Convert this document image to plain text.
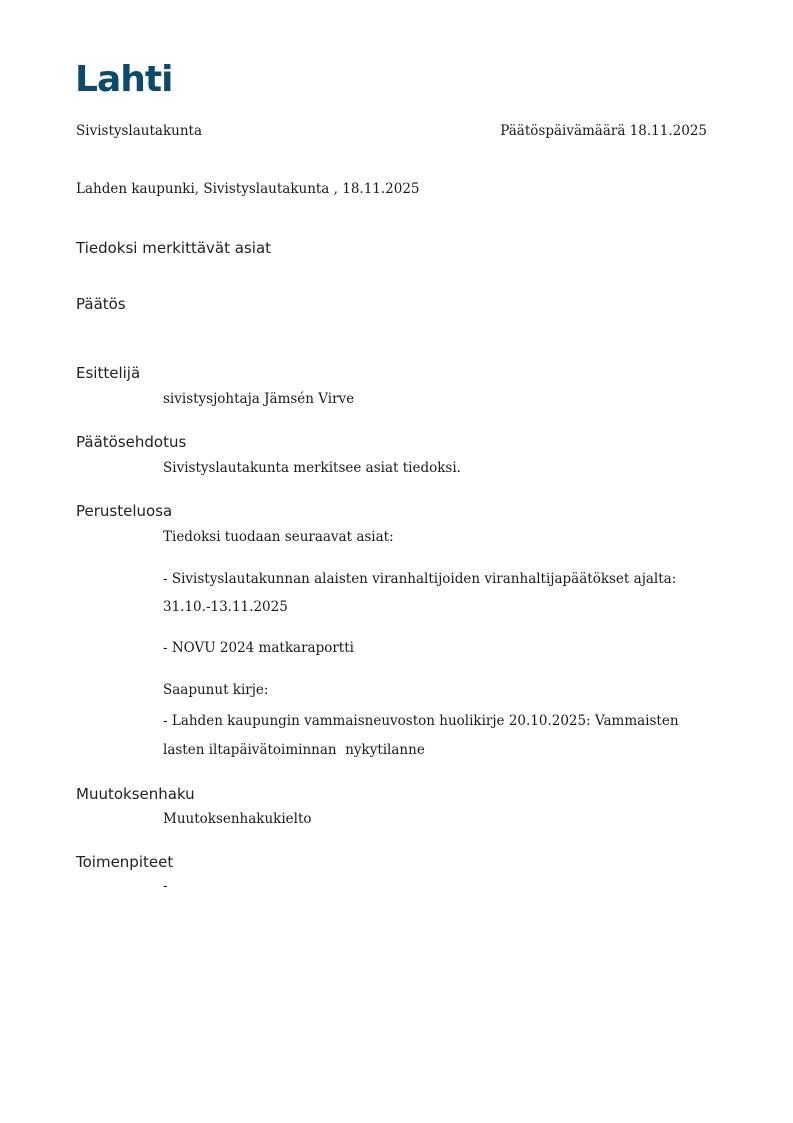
Lahti
Sivistyslautakunta	Päätöspäivämäärä 18.11.2025
Lahden kaupunki, Sivistyslautakunta , 18.11.2025
Tiedoksi merkittävät asiat
Päätös
Esittelijä
sivistysjohtaja Jämsén Virve
Päätösehdotus
Sivistyslautakunta merkitsee asiat tiedoksi.
Perusteluosa
Tiedoksi tuodaan seuraavat asiat:
- Sivistyslautakunnan alaisten viranhaltijoiden viranhaltijapäätökset ajalta:
31.10.-13.11.2025
- NOVU 2024 matkaraportti
Saapunut kirje:
- Lahden kaupungin vammaisneuvoston huolikirje 20.10.2025: Vammaisten
lasten iltapäivätoiminnan  nykytilanne
Muutoksenhaku
Muutoksenhakukielto
Toimenpiteet
-
